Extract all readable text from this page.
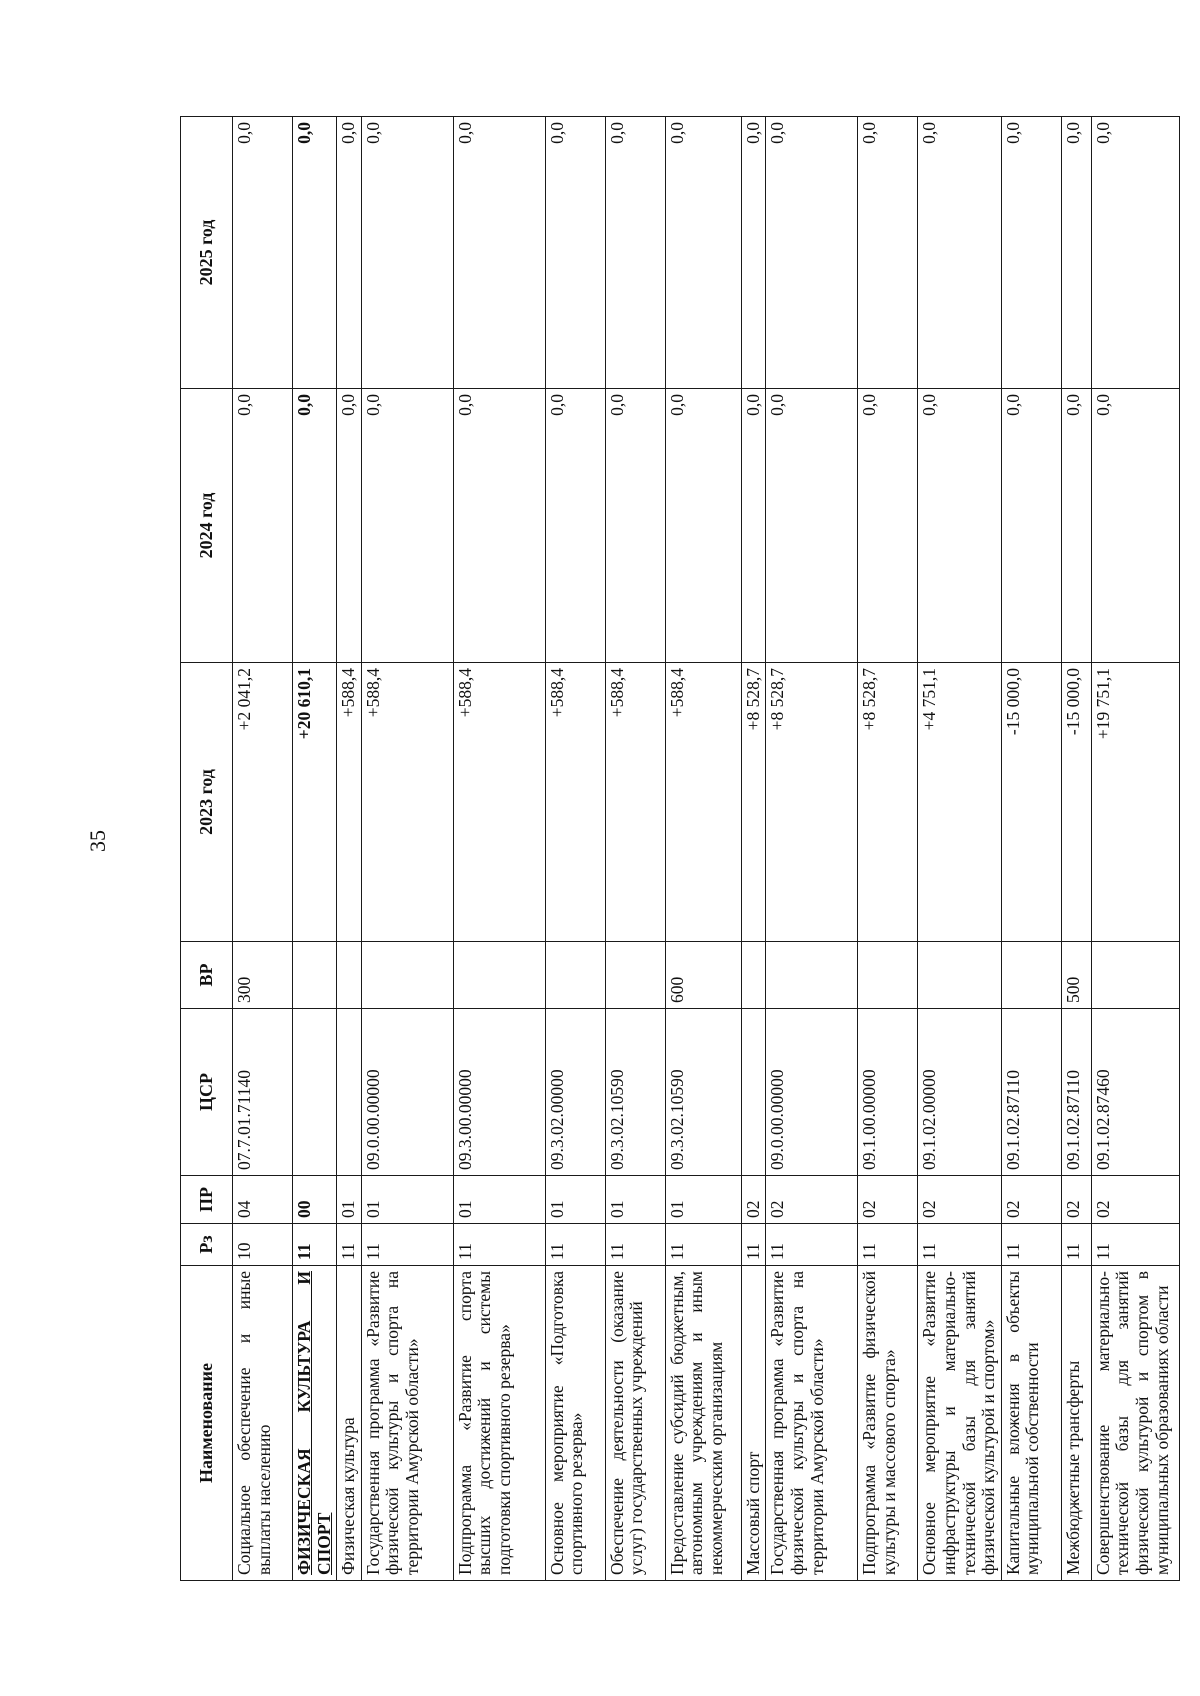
35
Наименование	Рз	ПР	ЦСР	ВР	2023 год	2024 год	2025 год
Социальное обеспечение и иные выплаты населению	10	04	07.7.01.71140	300	+2 041,2	0,0	0,0
ФИЗИЧЕСКАЯ КУЛЬТУРА И СПОРТ	11	00			+20 610,1	0,0	0,0
Физическая культура	11	01			+588,4	0,0	0,0
Государственная программа «Развитие физической культуры и спорта на территории Амурской области»	11	01	09.0.00.00000		+588,4	0,0	0,0
Подпрограмма «Развитие спорта высших достижений и системы подготовки спортивного резерва»	11	01	09.3.00.00000		+588,4	0,0	0,0
Основное мероприятие «Подготовка спортивного резерва»	11	01	09.3.02.00000		+588,4	0,0	0,0
Обеспечение деятельности (оказание услуг) государственных учреждений	11	01	09.3.02.10590		+588,4	0,0	0,0
Предоставление субсидий бюджетным, автономным учреждениям и иным некоммерческим организациям	11	01	09.3.02.10590	600	+588,4	0,0	0,0
Массовый спорт	11	02			+8 528,7	0,0	0,0
Государственная программа «Развитие физической культуры и спорта на территории Амурской области»	11	02	09.0.00.00000		+8 528,7	0,0	0,0
Подпрограмма «Развитие физической культуры и массового спорта»	11	02	09.1.00.00000		+8 528,7	0,0	0,0
Основное мероприятие «Развитие инфраструктуры и материально-технической базы для занятий физической культурой и спортом»	11	02	09.1.02.00000		+4 751,1	0,0	0,0
Капитальные вложения в объекты муниципальной собственности	11	02	09.1.02.87110		-15 000,0	0,0	0,0
Межбюджетные трансферты	11	02	09.1.02.87110	500	-15 000,0	0,0	0,0
Совершенствование материально-технической базы для занятий физической культурой и спортом в муниципальных образованиях области	11	02	09.1.02.87460		+19 751,1	0,0	0,0
